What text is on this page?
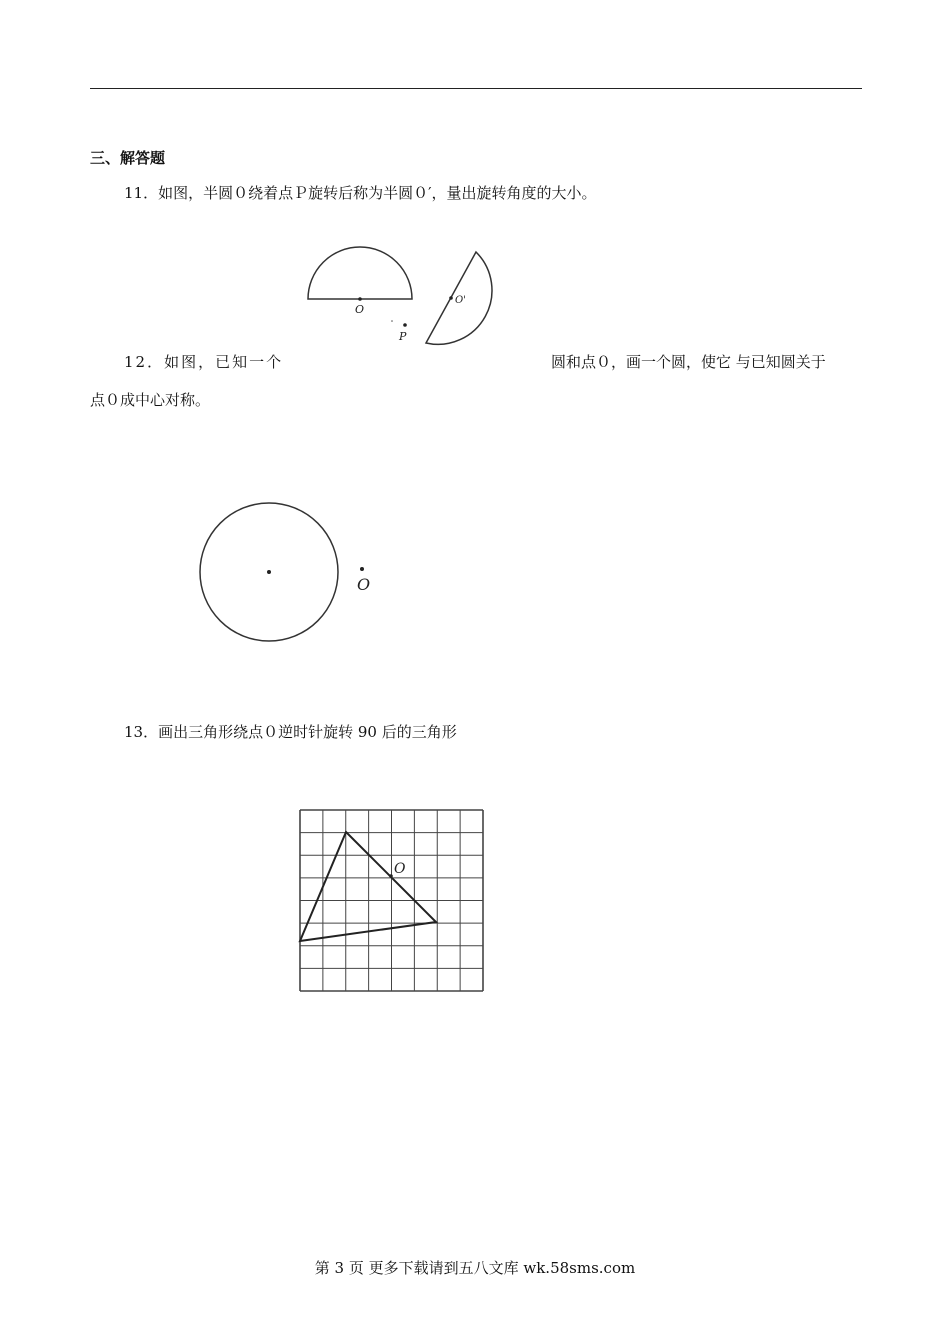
三、解答题
11．如图，半圆０绕着点Ｐ旋转后称为半圆０′，量出旋转角度的大小。
O
O'
P
12．如图，已知一个	圆和点０，画一个圆，使它 与已知圆关于
点０成中心对称。
O
13．画出三角形绕点０逆时针旋转 90 后的三角形
O
第 3 页 更多下载请到五八文库 wk.58sms.com
